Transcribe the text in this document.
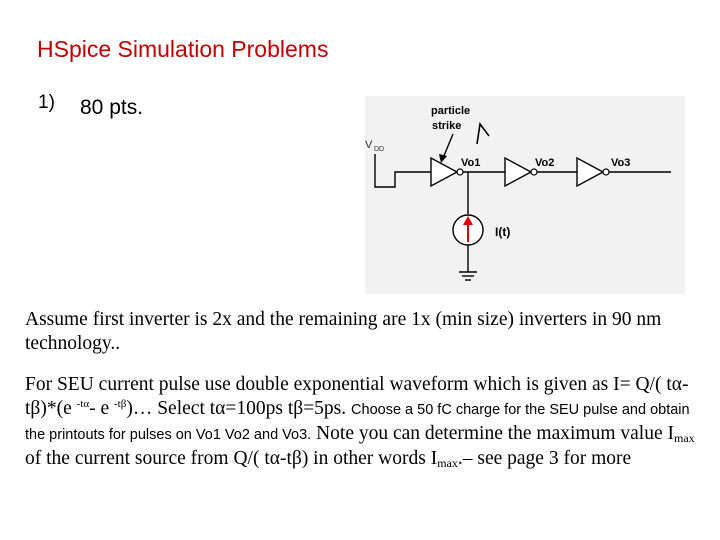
HSpice Simulation Problems
1) 80 pts.
V DD
Vo1	Vo2	Vo3
particle
strike
I(t)
Assume first inverter is 2x and the remaining are 1x (min size) inverters in 90 nm technology..
For SEU current pulse use double exponential waveform which is given as I= Q/( tα-tβ)*(e $^{-t\alpha}$- e $^{-t\beta}$)… Select tα=100ps tβ=5ps. Choose a 50 fC charge for the SEU pulse and obtain the printouts for pulses on Vo1 Vo2 and Vo3. Note you can determine the maximum value $I_{max}$ of the current source from Q/( tα-tβ) in other words $I_{max}.-$ see page 3 for more
